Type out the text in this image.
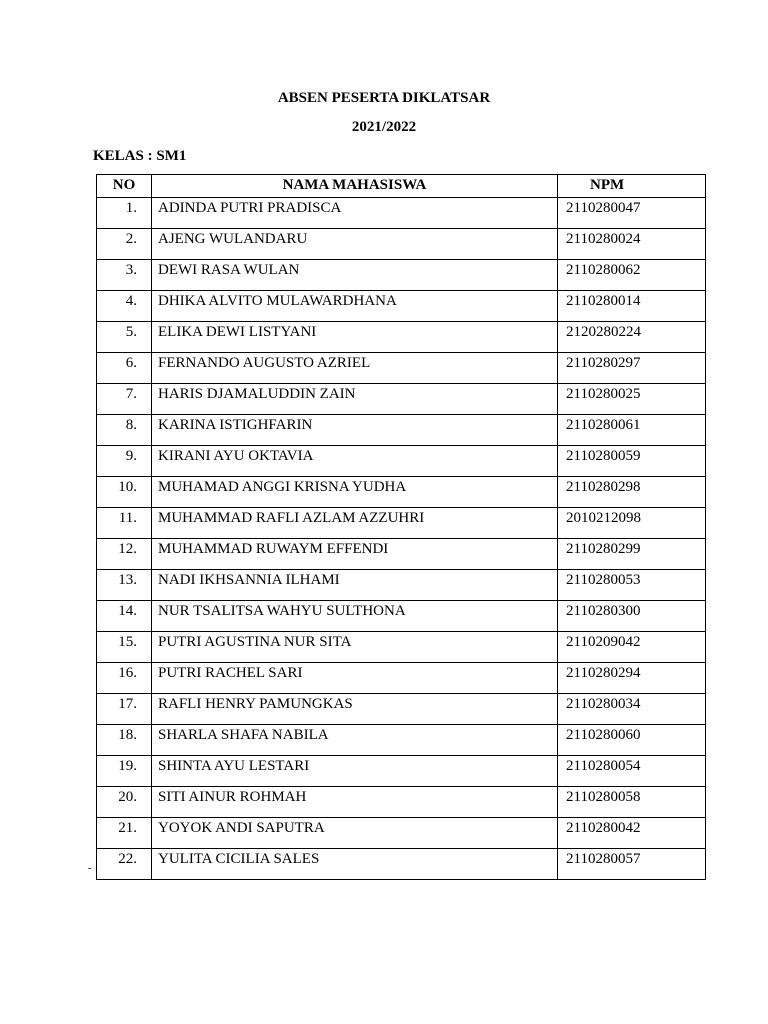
ABSEN PESERTA DIKLATSAR
2021/2022
KELAS : SM1
NO	NAMA MAHASISWA	NPM
1.	ADINDA PUTRI PRADISCA	2110280047
2.	AJENG WULANDARU	2110280024
3.	DEWI RASA WULAN	2110280062
4.	DHIKA ALVITO MULAWARDHANA	2110280014
5.	ELIKA DEWI LISTYANI	2120280224
6.	FERNANDO AUGUSTO AZRIEL	2110280297
7.	HARIS DJAMALUDDIN ZAIN	2110280025
8.	KARINA ISTIGHFARIN	2110280061
9.	KIRANI AYU OKTAVIA	2110280059
10.	MUHAMAD ANGGI KRISNA YUDHA	2110280298
11.	MUHAMMAD RAFLI AZLAM AZZUHRI	2010212098
12.	MUHAMMAD RUWAYM EFFENDI	2110280299
13.	NADI IKHSANNIA ILHAMI	2110280053
14.	NUR TSALITSA WAHYU SULTHONA	2110280300
15.	PUTRI AGUSTINA NUR SITA	2110209042
16.	PUTRI RACHEL SARI	2110280294
17.	RAFLI HENRY PAMUNGKAS	2110280034
18.	SHARLA SHAFA NABILA	2110280060
19.	SHINTA AYU LESTARI	2110280054
20.	SITI AINUR ROHMAH	2110280058
21.	YOYOK ANDI SAPUTRA	2110280042
22.	YULITA CICILIA SALES	2110280057
-
